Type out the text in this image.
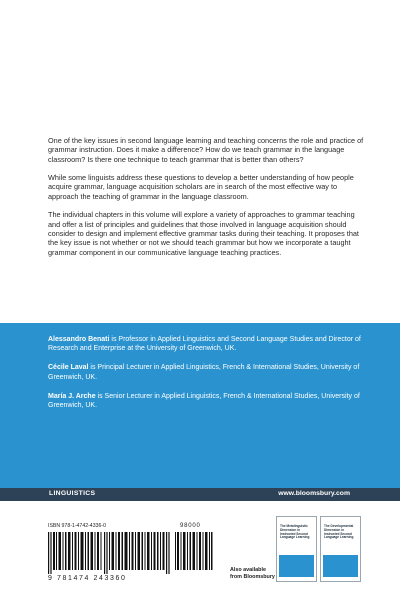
One of the key issues in second language learning and teaching concerns the role and practice of grammar instruction. Does it make a difference? How do we teach grammar in the language classroom? Is there one technique to teach grammar that is better than others?

While some linguists address these questions to develop a better understanding of how people acquire grammar, language acquisition scholars are in search of the most effective way to approach the teaching of grammar in the language classroom.

The individual chapters in this volume will explore a variety of approaches to grammar teaching and offer a list of principles and guidelines that those involved in language acquisition should consider to design and implement effective grammar tasks during their teaching. It proposes that the key issue is not whether or not we should teach grammar but how we incorporate a taught grammar component in our communicative language teaching practices.

Alessandro Benati is Professor in Applied Linguistics and Second Language Studies and Director of Research and Enterprise at the University of Greenwich, UK.

Cécile Laval is Principal Lecturer in Applied Linguistics, French & International Studies, University of Greenwich, UK.

María J. Arche is Senior Lecturer in Applied Linguistics, French & International Studies, University of Greenwich, UK.

LINGUISTICS	www.bloomsbury.com
ISBN 978-1-4742-4336-0	98000
9 781474 243360
Also available
from Bloomsbury
The Metalinguistic Dimension in Instructed Second Language Learning
The Developmental Dimension in Instructed Second Language Learning
